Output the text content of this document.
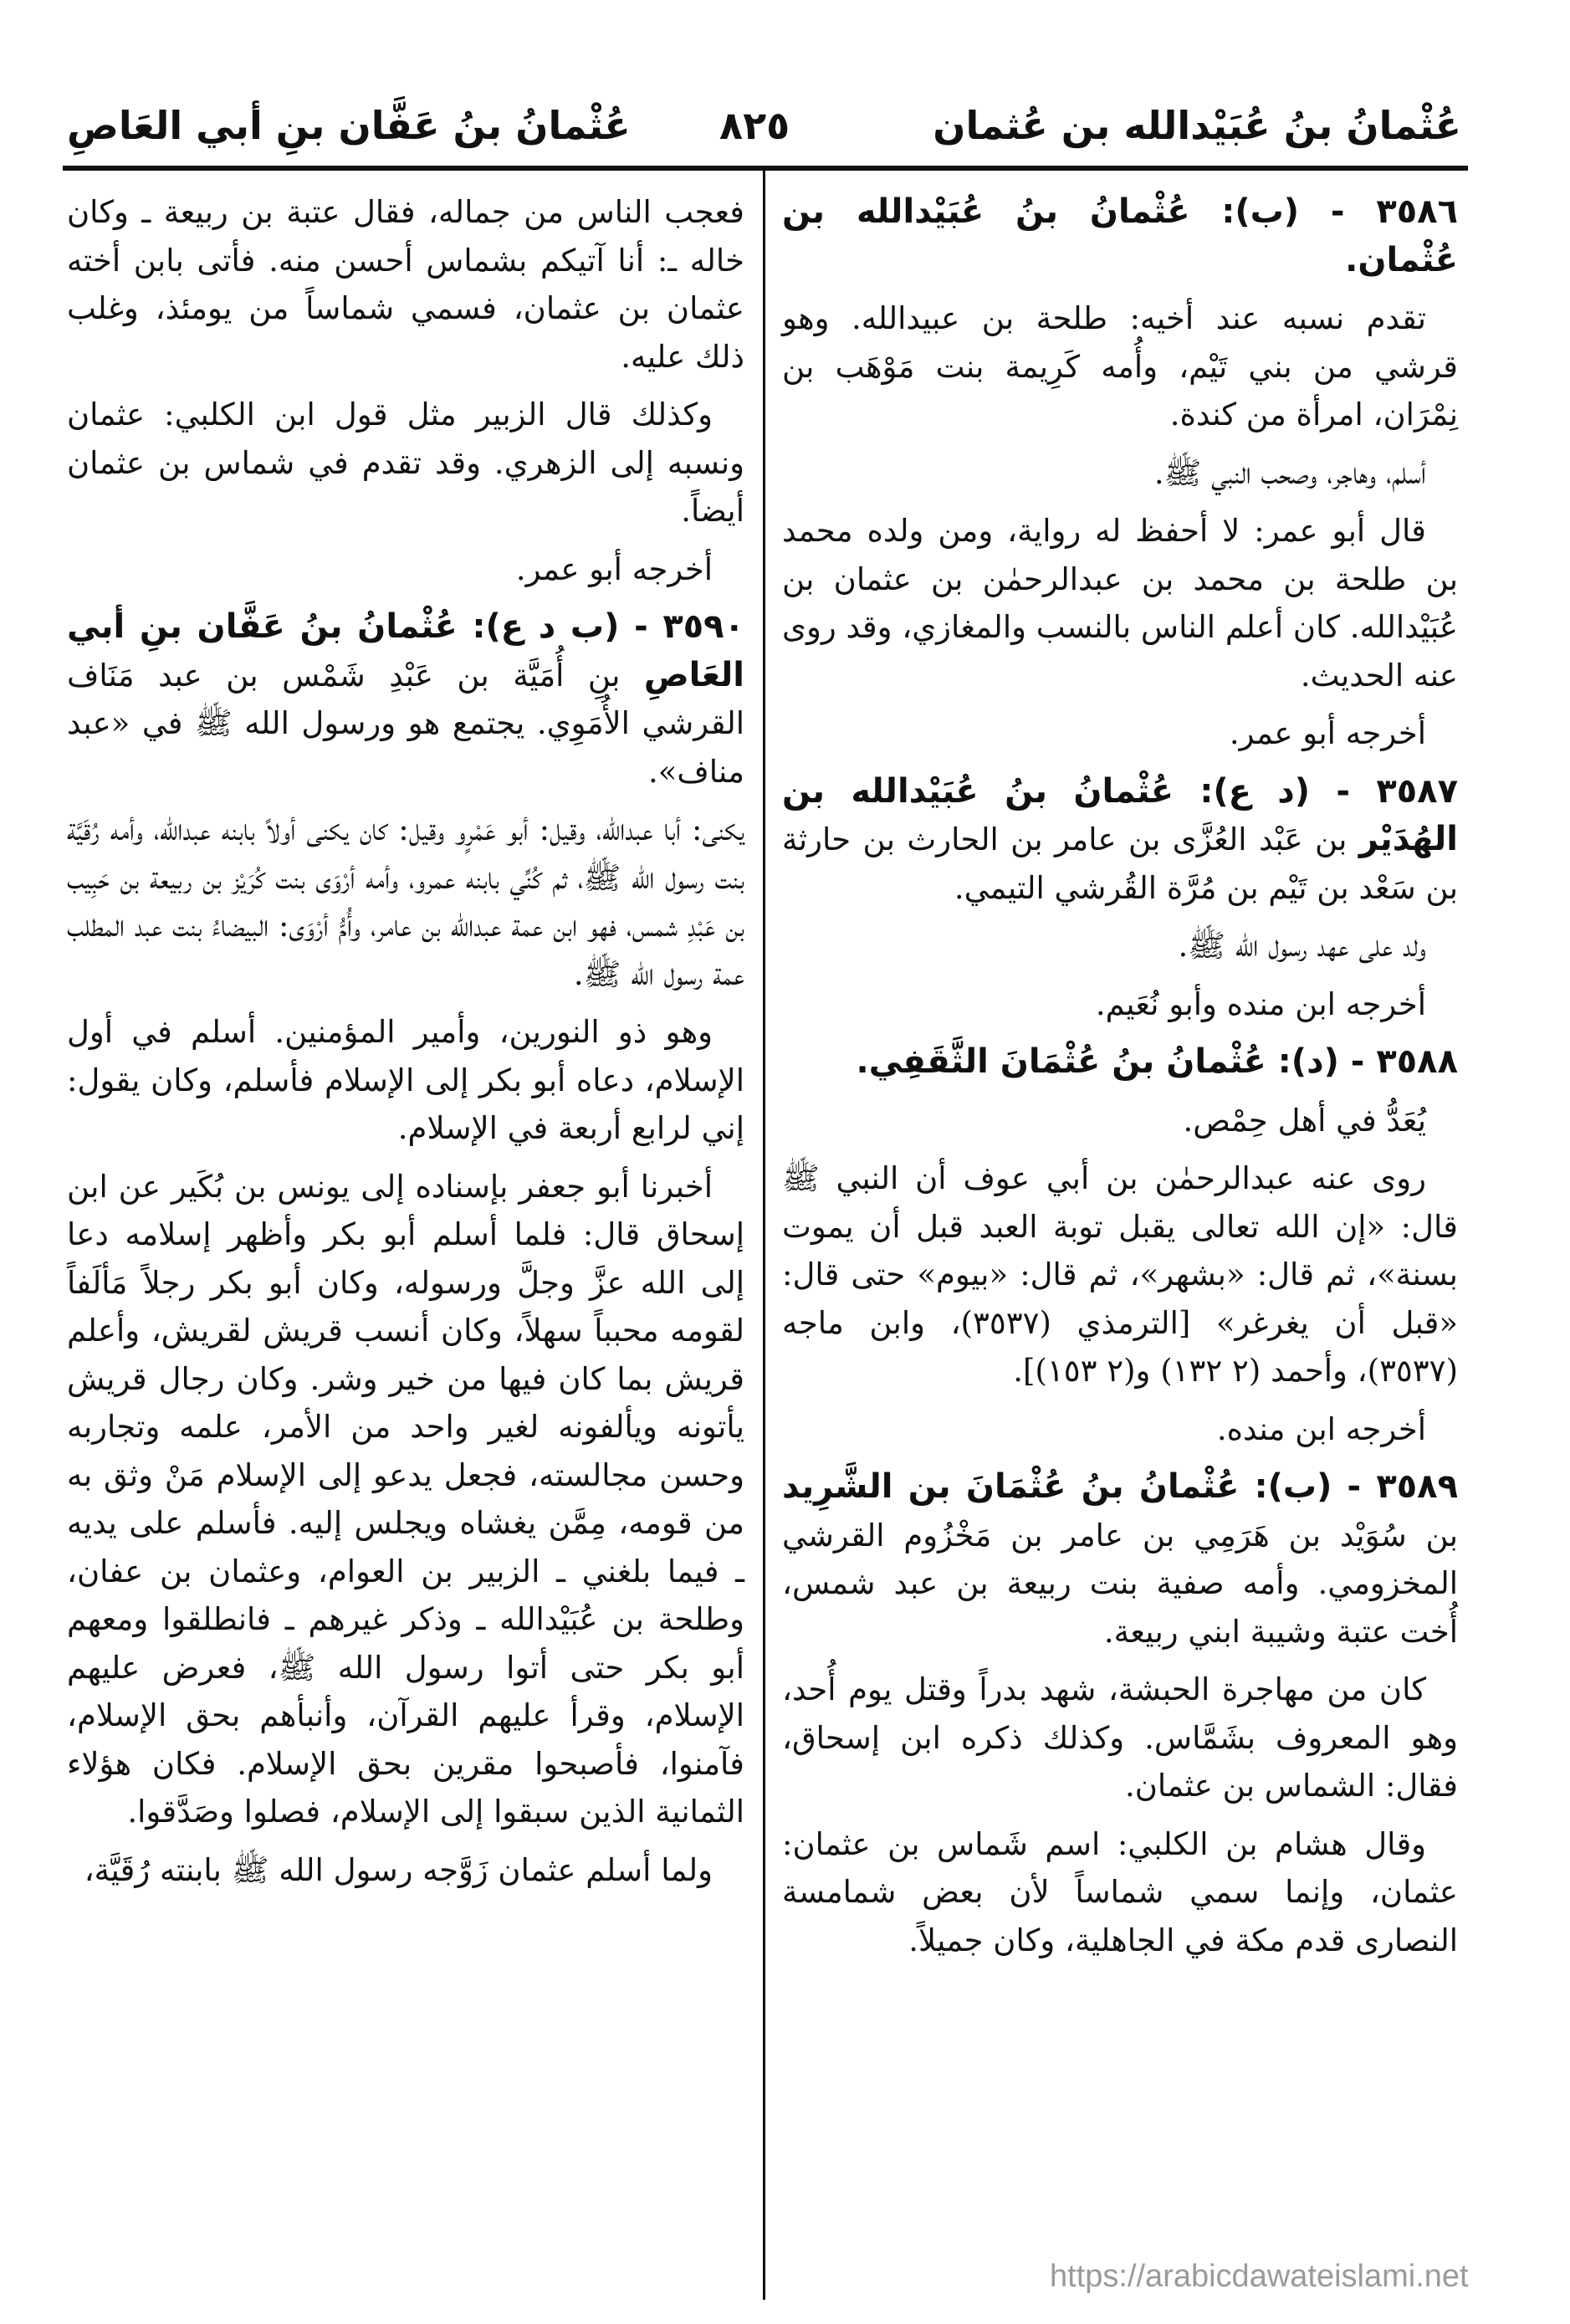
عُثْمانُ بنُ عُبَيْدالله بن عُثمان
٨٢٥
عُثْمانُ بنُ عَفَّان بنِ أبي العَاصِ

٣٥٨٦ - (ب): عُثْمانُ بنُ عُبَيْدالله بن عُثْمان.

تقدم نسبه عند أخيه: طلحة بن عبيدالله. وهو قرشي من بني تَيْم، وأُمه كَرِيمة بنت مَوْهَب بن نِمْرَان، امرأة من كندة.

أسلم، وهاجر، وصحب النبي ﷺ.

قال أبو عمر: لا أحفظ له رواية، ومن ولده محمد بن طلحة بن محمد بن عبدالرحمٰن بن عثمان بن عُبَيْدالله. كان أعلم الناس بالنسب والمغازي، وقد روى عنه الحديث.

أخرجه أبو عمر.

٣٥٨٧ - (د ع): عُثْمانُ بنُ عُبَيْدالله بن الهُدَيْر بن عَبْد العُزَّى بن عامر بن الحارث بن حارثة بن سَعْد بن تَيْم بن مُرَّة القُرشي التيمي.

ولد على عهد رسول الله ﷺ.

أخرجه ابن منده وأبو نُعَيم.

٣٥٨٨ - (د): عُثْمانُ بنُ عُثْمَانَ الثَّقَفِي.

يُعَدُّ في أهل حِمْص.

روى عنه عبدالرحمٰن بن أبي عوف أن النبي ﷺ قال: «إن الله تعالى يقبل توبة العبد قبل أن يموت بسنة»، ثم قال: «بشهر»، ثم قال: «بيوم» حتى قال: «قبل أن يغرغر» [الترمذي (٣٥٣٧)، وابن ماجه (٣٥٣٧)، وأحمد (٢ ١٣٢) و(٢ ١٥٣)].

أخرجه ابن منده.

٣٥٨٩ - (ب): عُثْمانُ بنُ عُثْمَانَ بن الشَّرِيد بن سُوَيْد بن هَرَمِي بن عامر بن مَخْزُوم القرشي المخزومي. وأمه صفية بنت ربيعة بن عبد شمس، أُخت عتبة وشيبة ابني ربيعة.

كان من مهاجرة الحبشة، شهد بدراً وقتل يوم أُحد، وهو المعروف بشَمَّاس. وكذلك ذكره ابن إسحاق، فقال: الشماس بن عثمان.

وقال هشام بن الكلبي: اسم شَماس بن عثمان: عثمان، وإنما سمي شماساً لأن بعض شمامسة النصارى قدم مكة في الجاهلية، وكان جميلاً.

فعجب الناس من جماله، فقال عتبة بن ربيعة ـ وكان خاله ـ: أنا آتيكم بشماس أحسن منه. فأتى بابن أخته عثمان بن عثمان، فسمي شماساً من يومئذ، وغلب ذلك عليه.

وكذلك قال الزبير مثل قول ابن الكلبي: عثمان ونسبه إلى الزهري. وقد تقدم في شماس بن عثمان أيضاً.

أخرجه أبو عمر.

٣٥٩٠ - (ب د ع): عُثْمانُ بنُ عَفَّان بنِ أبي العَاصِ بنِ أُمَيَّة بن عَبْدِ شَمْس بن عبد مَنَاف القرشي الأُمَوِي. يجتمع هو ورسول الله ﷺ في «عبد مناف».

يكنى: أبا عبدالله، وقيل: أبو عَمْرٍو وقيل: كان يكنى أولاً بابنه عبدالله، وأمه رُقَيَّة بنت رسول الله ﷺ، ثم كُنِّي بابنه عمرو، وأمه أرْوَى بنت كُرَيْز بن ربيعة بن حَبِيب بن عَبْدِ شمس، فهو ابن عمة عبدالله بن عامر، وأُمُّ أرْوَى: البيضاءُ بنت عبد المطلب عمة رسول الله ﷺ.

وهو ذو النورين، وأمير المؤمنين. أسلم في أول الإسلام، دعاه أبو بكر إلى الإسلام فأسلم، وكان يقول: إني لرابع أربعة في الإسلام.

أخبرنا أبو جعفر بإسناده إلى يونس بن بُكَير عن ابن إسحاق قال: فلما أسلم أبو بكر وأظهر إسلامه دعا إلى الله عزَّ وجلَّ ورسوله، وكان أبو بكر رجلاً مَألَفاً لقومه محبباً سهلاً، وكان أنسب قريش لقريش، وأعلم قريش بما كان فيها من خير وشر. وكان رجال قريش يأتونه ويألفونه لغير واحد من الأمر، علمه وتجاربه وحسن مجالسته، فجعل يدعو إلى الإسلام مَنْ وثق به من قومه، مِمَّن يغشاه ويجلس إليه. فأسلم على يديه ـ فيما بلغني ـ الزبير بن العوام، وعثمان بن عفان، وطلحة بن عُبَيْدالله ـ وذكر غيرهم ـ فانطلقوا ومعهم أبو بكر حتى أتوا رسول الله ﷺ، فعرض عليهم الإسلام، وقرأ عليهم القرآن، وأنبأهم بحق الإسلام، فآمنوا، فأصبحوا مقرين بحق الإسلام. فكان هؤلاء الثمانية الذين سبقوا إلى الإسلام، فصلوا وصَدَّقوا.

ولما أسلم عثمان زَوَّجه رسول الله ﷺ بابنته رُقَيَّة،

https://arabicdawateislami.net
